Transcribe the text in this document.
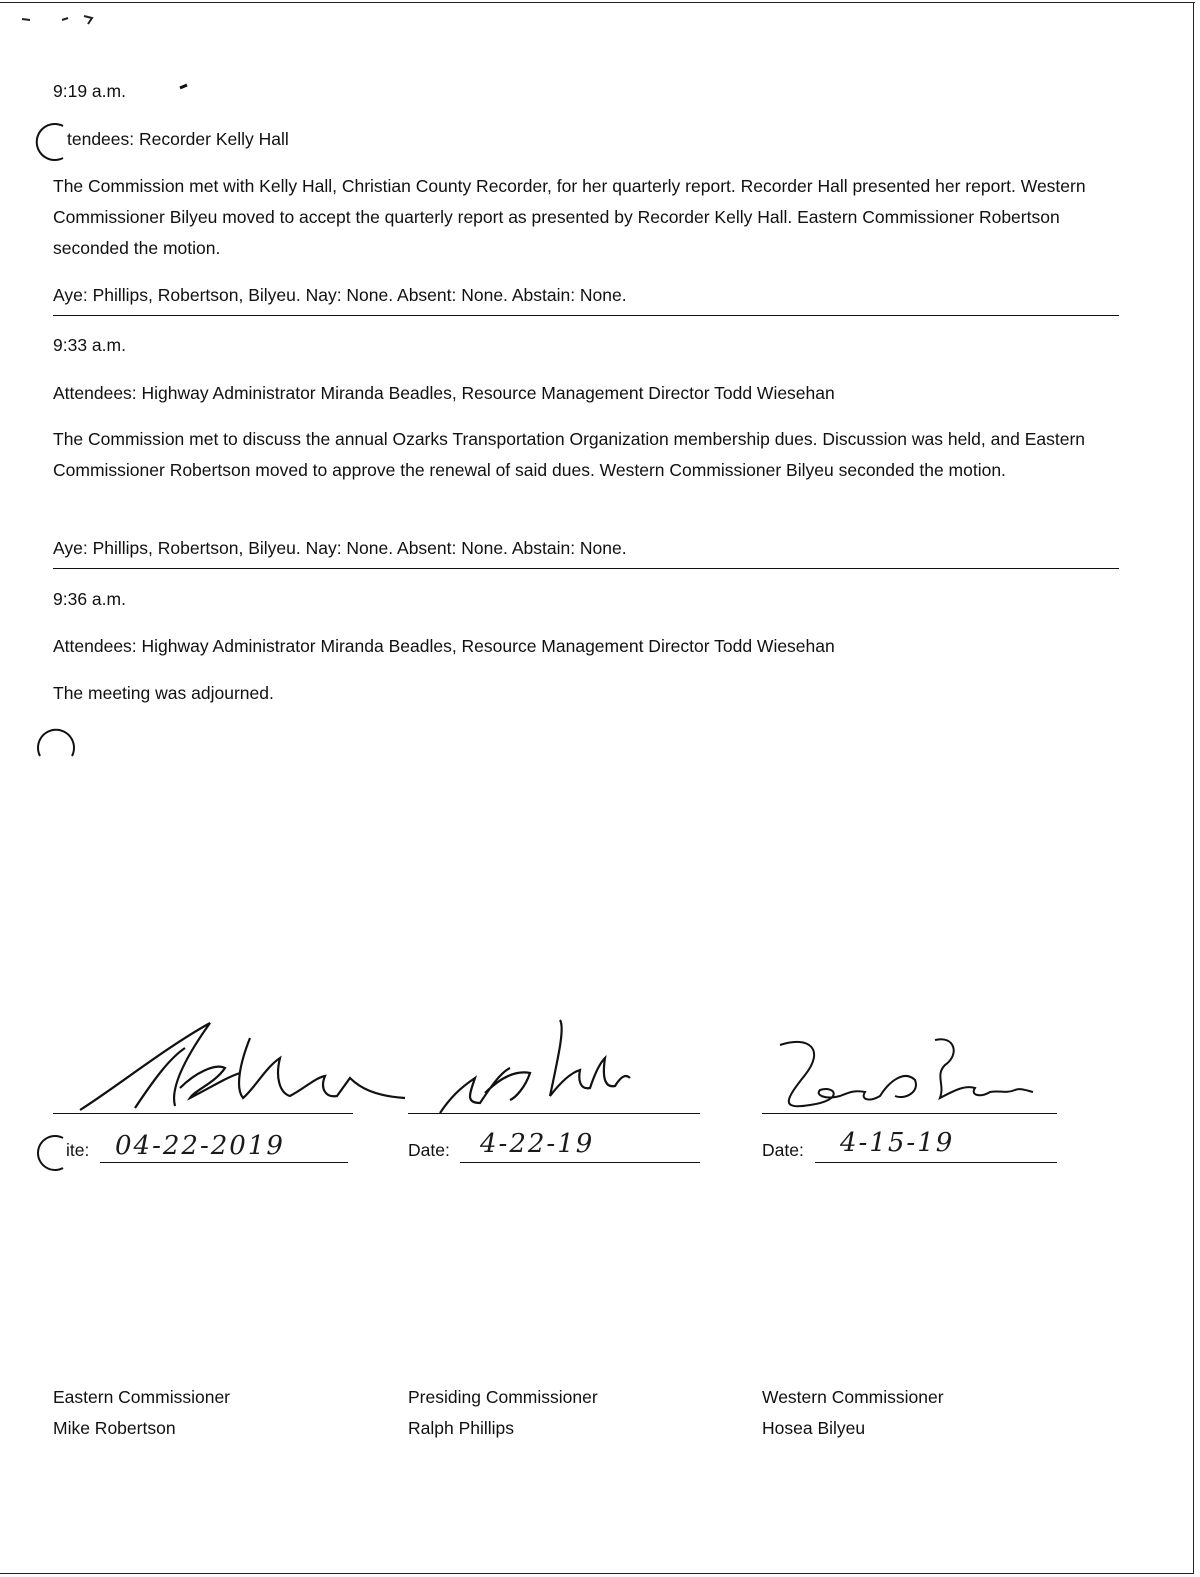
9:19 a.m.
tendees: Recorder Kelly Hall
The Commission met with Kelly Hall, Christian County Recorder, for her quarterly report. Recorder Hall presented her report. Western Commissioner Bilyeu moved to accept the quarterly report as presented by Recorder Kelly Hall. Eastern Commissioner Robertson seconded the motion.
Aye: Phillips, Robertson, Bilyeu. Nay: None. Absent: None. Abstain: None.
9:33 a.m.
Attendees: Highway Administrator Miranda Beadles, Resource Management Director Todd Wiesehan
The Commission met to discuss the annual Ozarks Transportation Organization membership dues. Discussion was held, and Eastern Commissioner Robertson moved to approve the renewal of said dues. Western Commissioner Bilyeu seconded the motion.
Aye: Phillips, Robertson, Bilyeu. Nay: None. Absent: None. Abstain: None.
9:36 a.m.
Attendees: Highway Administrator Miranda Beadles, Resource Management Director Todd Wiesehan
The meeting was adjourned.
ite: 04-22-2019
Eastern Commissioner
Mike Robertson
Date: 4-22-19
Presiding Commissioner
Ralph Phillips
Date: 4-15-19
Western Commissioner
Hosea Bilyeu
